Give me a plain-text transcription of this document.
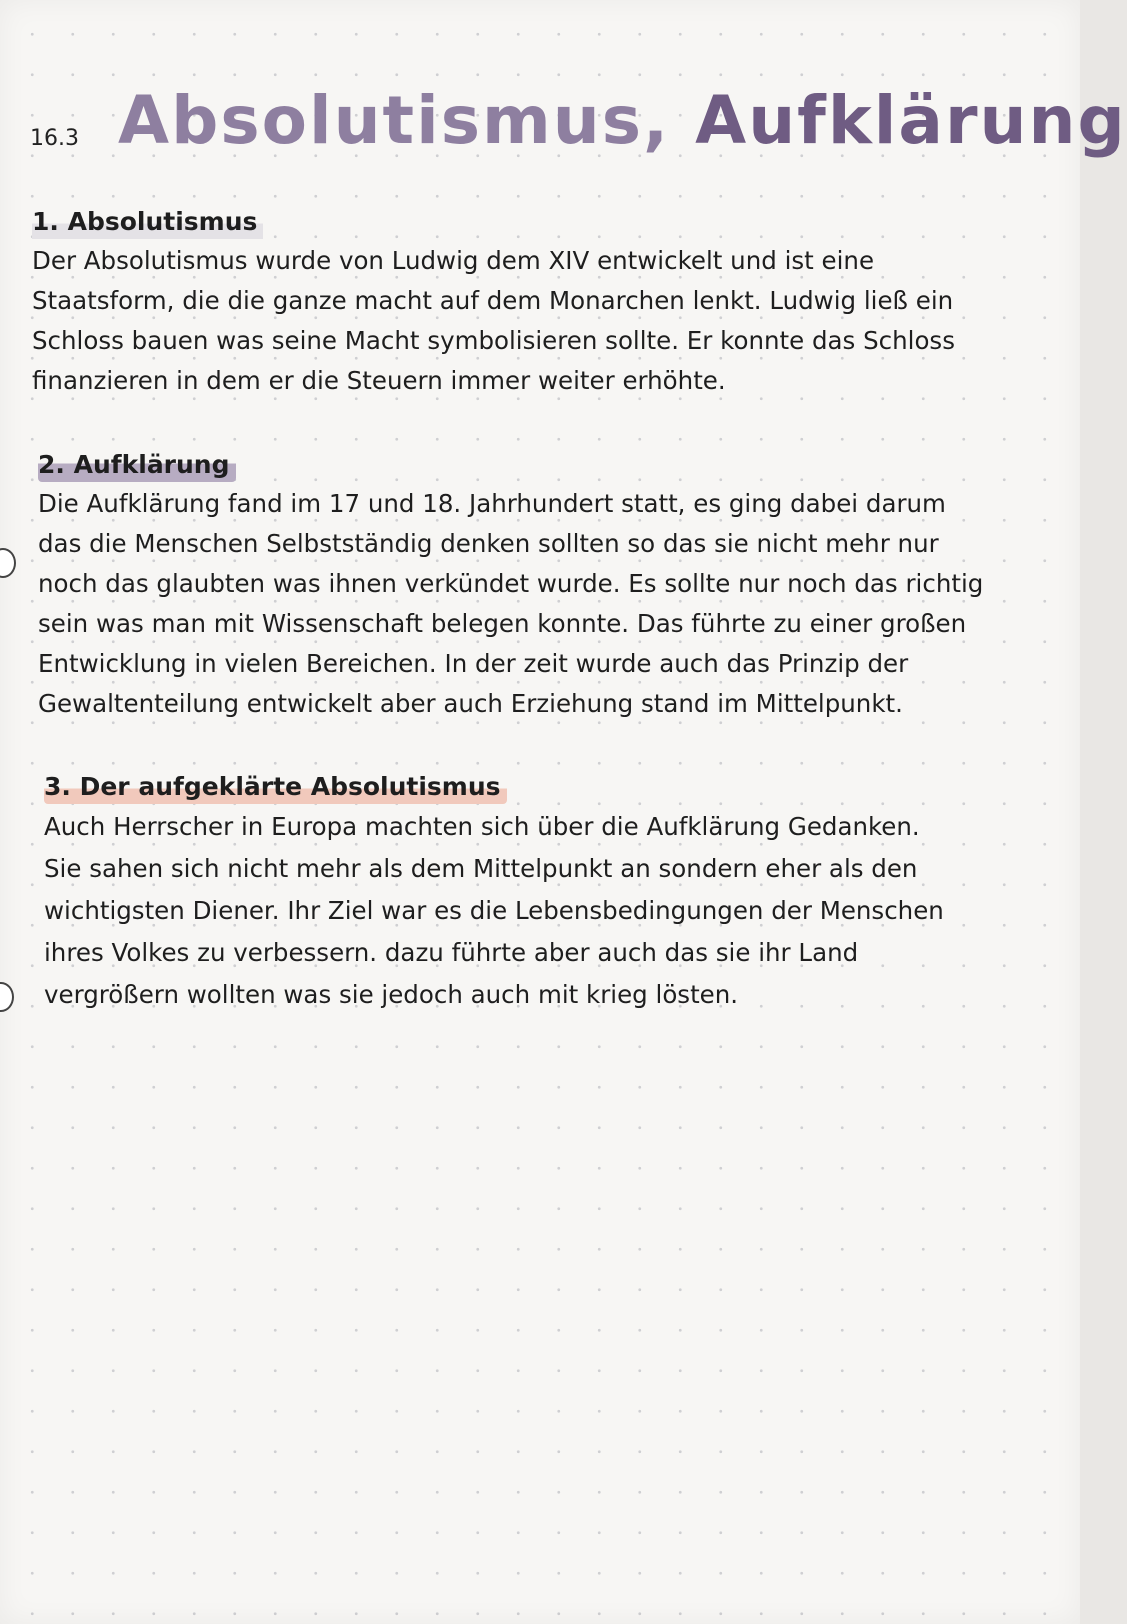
16.3 Absolutismus, Aufklärung
1. Absolutismus

Der Absolutismus wurde von Ludwig dem XIV entwickelt und ist eine
Staatsform, die die ganze macht auf dem Monarchen lenkt. Ludwig ließ ein
Schloss bauen was seine Macht symbolisieren sollte. Er konnte das Schloss
finanzieren in dem er die Steuern immer weiter erhöhte.

2. Aufklärung

Die Aufklärung fand im 17 und 18. Jahrhundert statt, es ging dabei darum
das die Menschen Selbstständig denken sollten so das sie nicht mehr nur
noch das glaubten was ihnen verkündet wurde. Es sollte nur noch das richtig
sein was man mit Wissenschaft belegen konnte. Das führte zu einer großen
Entwicklung in vielen Bereichen. In der zeit wurde auch das Prinzip der
Gewaltenteilung entwickelt aber auch Erziehung stand im Mittelpunkt.

3. Der aufgeklärte Absolutismus

Auch Herrscher in Europa machten sich über die Aufklärung Gedanken.
Sie sahen sich nicht mehr als dem Mittelpunkt an sondern eher als den
wichtigsten Diener. Ihr Ziel war es die Lebensbedingungen der Menschen
ihres Volkes zu verbessern. dazu führte aber auch das sie ihr Land
vergrößern wollten was sie jedoch auch mit krieg lösten.
